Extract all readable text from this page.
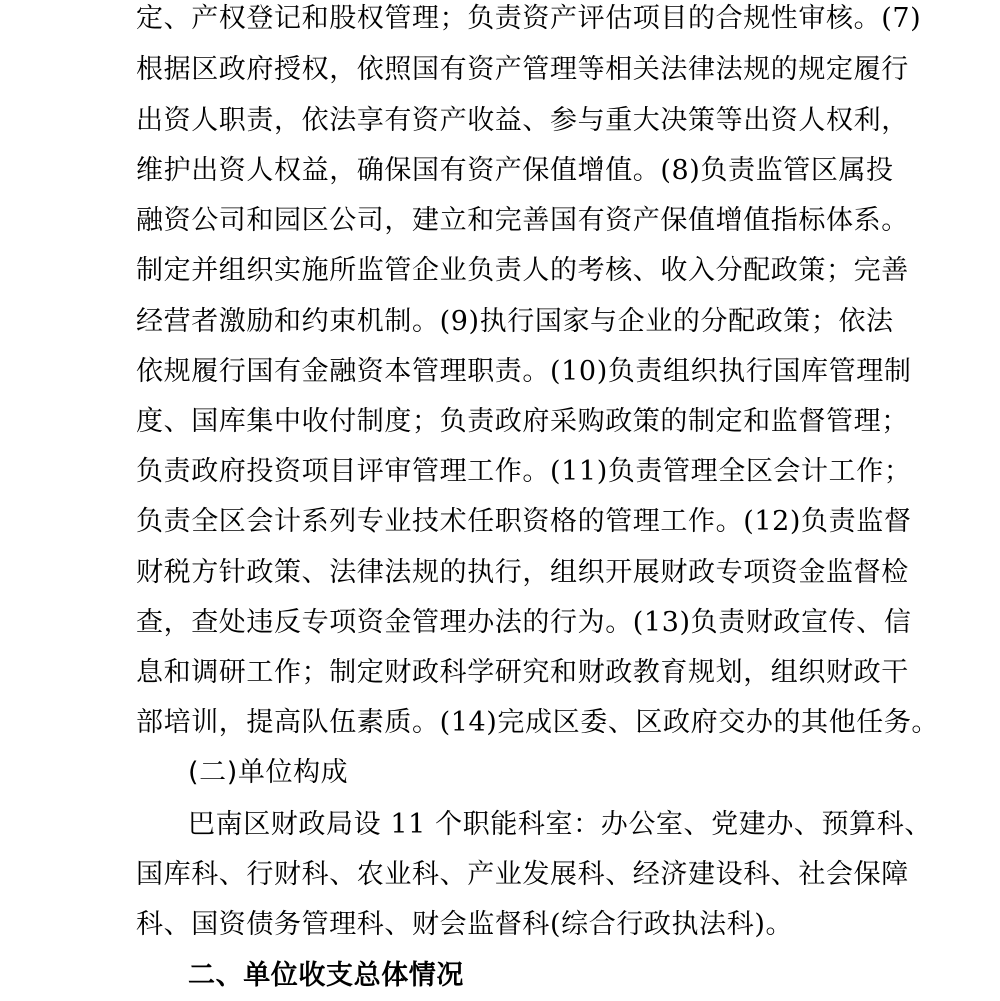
定、产权登记和股权管理；负责资产评估项目的合规性审核。(7)
根据区政府授权，依照国有资产管理等相关法律法规的规定履行
出资人职责，依法享有资产收益、参与重大决策等出资人权利，
维护出资人权益，确保国有资产保值增值。(8)负责监管区属投
融资公司和园区公司，建立和完善国有资产保值增值指标体系。
制定并组织实施所监管企业负责人的考核、收入分配政策；完善
经营者激励和约束机制。(9)执行国家与企业的分配政策；依法
依规履行国有金融资本管理职责。(10)负责组织执行国库管理制
度、国库集中收付制度；负责政府采购政策的制定和监督管理；
负责政府投资项目评审管理工作。(11)负责管理全区会计工作；
负责全区会计系列专业技术任职资格的管理工作。(12)负责监督
财税方针政策、法律法规的执行，组织开展财政专项资金监督检
查，查处违反专项资金管理办法的行为。(13)负责财政宣传、信
息和调研工作；制定财政科学研究和财政教育规划，组织财政干
部培训，提高队伍素质。(14)完成区委、区政府交办的其他任务。
(二)单位构成
巴南区财政局设 11 个职能科室：办公室、党建办、预算科、
国库科、行财科、农业科、产业发展科、经济建设科、社会保障
科、国资债务管理科、财会监督科(综合行政执法科)。
二、单位收支总体情况
